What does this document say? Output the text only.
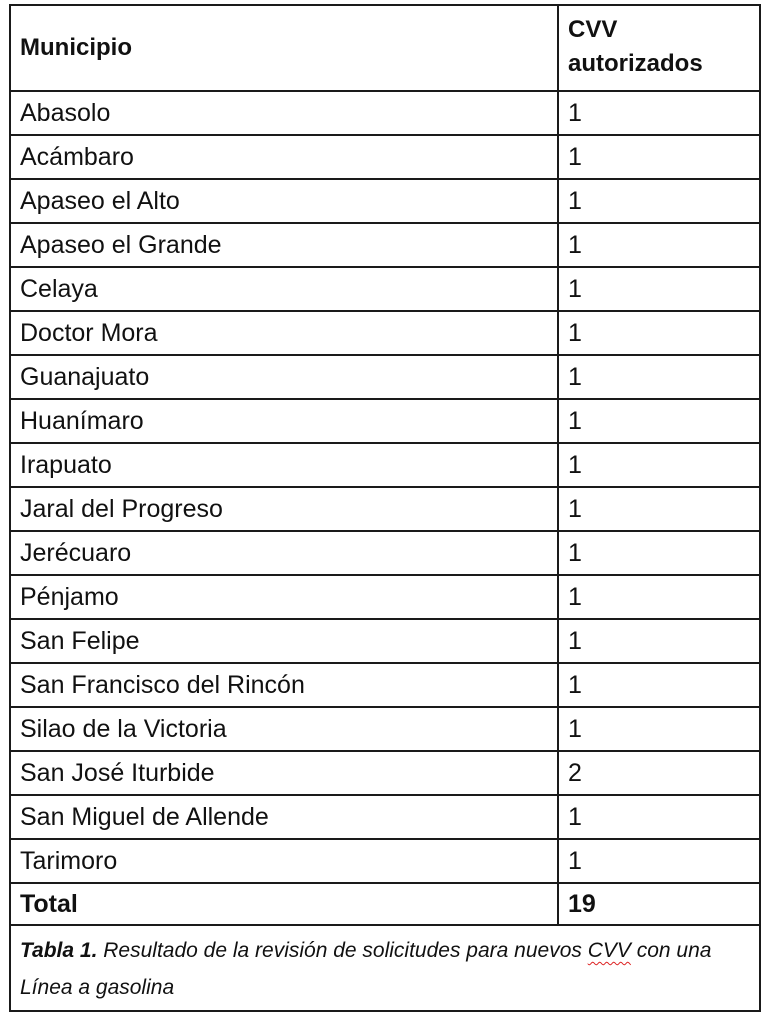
Municipio	CVV
autorizados
Abasolo	1
Acámbaro	1
Apaseo el Alto	1
Apaseo el Grande	1
Celaya	1
Doctor Mora	1
Guanajuato	1
Huanímaro	1
Irapuato	1
Jaral del Progreso	1
Jerécuaro	1
Pénjamo	1
San Felipe	1
San Francisco del Rincón	1
Silao de la Victoria	1
San José Iturbide	2
San Miguel de Allende	1
Tarimoro	1
Total	19
Tabla 1. Resultado de la revisión de solicitudes para nuevos CVV con una Línea a gasolina	
